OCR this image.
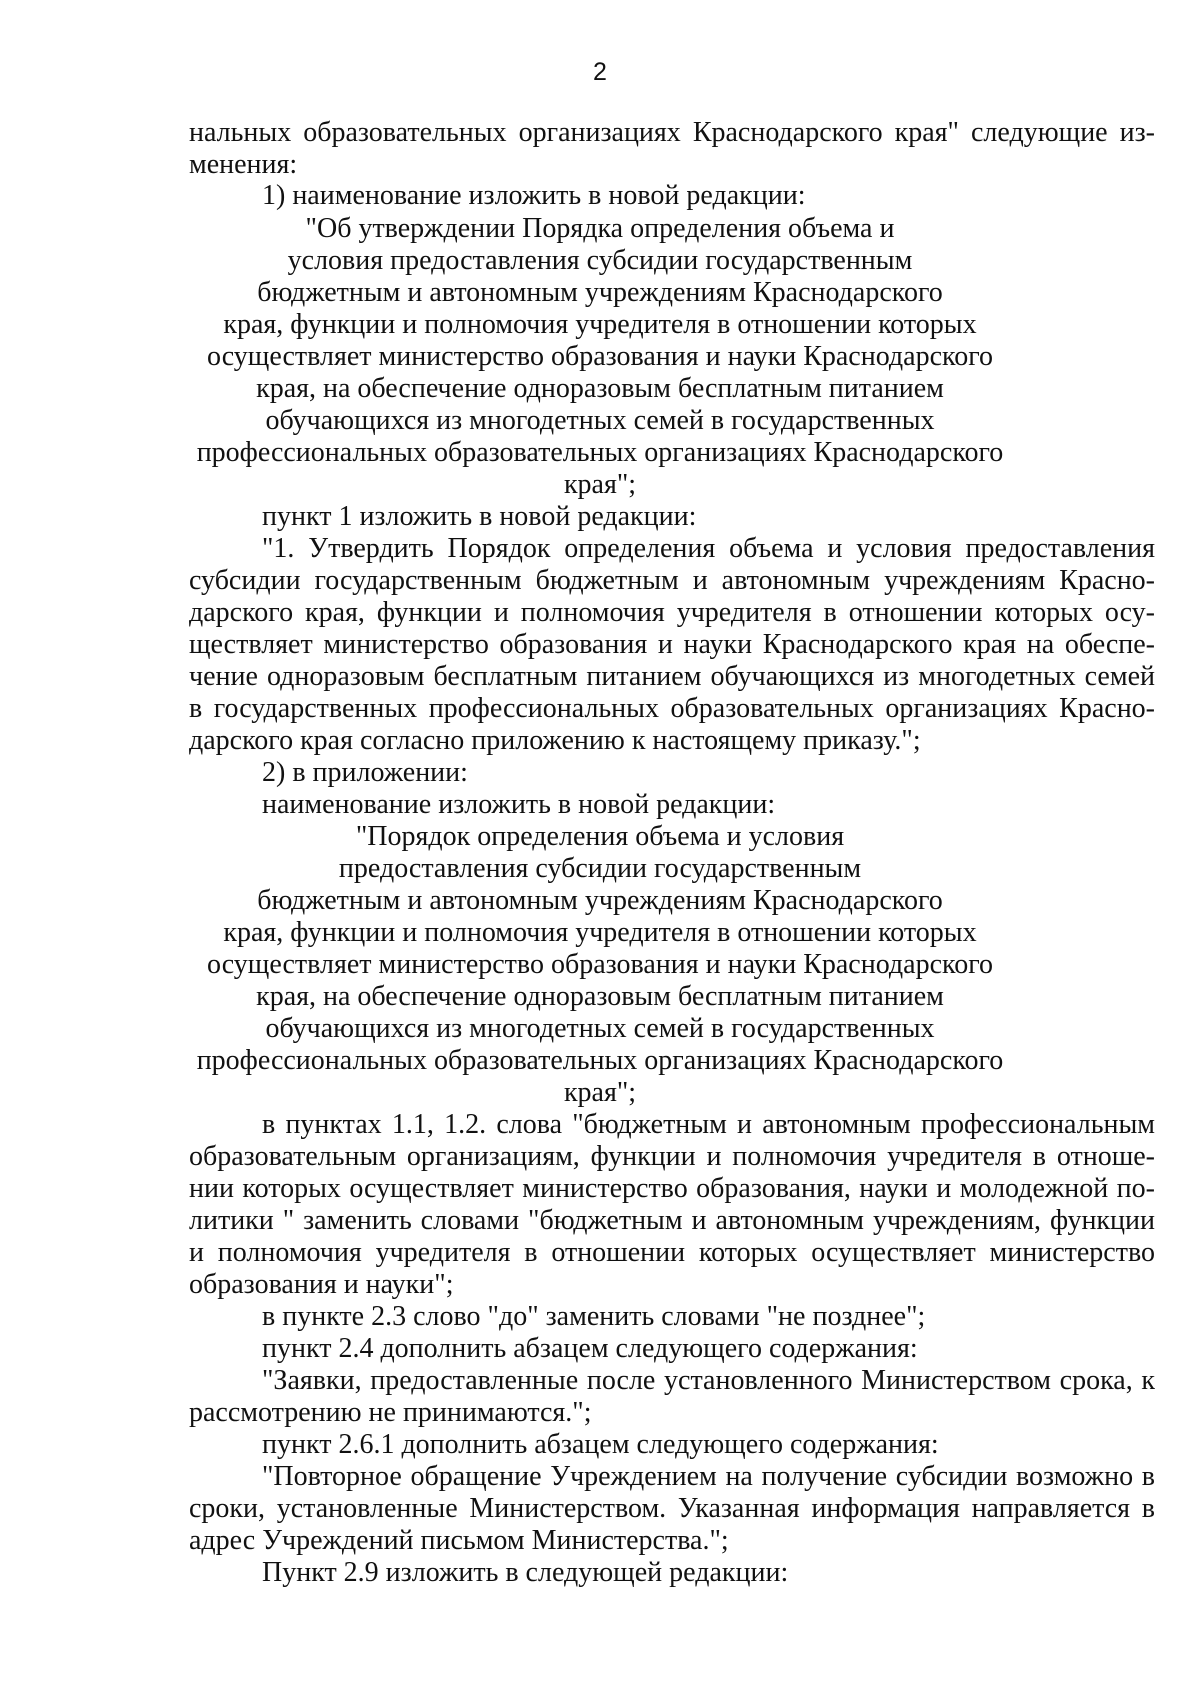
2

нальных образовательных организациях Краснодарского края" следующие из-

менения:

1) наименование изложить в новой редакции:

"Об утверждении Порядка определения объема и

условия предоставления субсидии государственным

бюджетным и автономным учреждениям Краснодарского

края, функции и полномочия учредителя в отношении которых

осуществляет министерство образования и науки Краснодарского

края, на обеспечение одноразовым бесплатным питанием

обучающихся из многодетных семей в государственных

профессиональных образовательных организациях Краснодарского

края";

пункт 1 изложить в новой редакции:

"1. Утвердить Порядок определения объема и условия предоставления

субсидии государственным бюджетным и автономным учреждениям Красно-

дарского края, функции и полномочия учредителя в отношении которых осу-

ществляет министерство образования и науки Краснодарского края на обеспе-

чение одноразовым бесплатным питанием обучающихся из многодетных семей

в государственных профессиональных образовательных организациях Красно-

дарского края согласно приложению к настоящему приказу.";

2) в приложении:

наименование изложить в новой редакции:

"Порядок определения объема и условия

предоставления субсидии государственным

бюджетным и автономным учреждениям Краснодарского

края, функции и полномочия учредителя в отношении которых

осуществляет министерство образования и науки Краснодарского

края, на обеспечение одноразовым бесплатным питанием

обучающихся из многодетных семей в государственных

профессиональных образовательных организациях Краснодарского

края";

в пунктах 1.1, 1.2. слова "бюджетным и автономным профессиональным

образовательным организациям, функции и полномочия учредителя в отноше-

нии которых осуществляет министерство образования, науки и молодежной по-

литики " заменить словами "бюджетным и автономным учреждениям, функции

и полномочия учредителя в отношении которых осуществляет министерство

образования и науки";

в пункте 2.3 слово "до" заменить словами "не позднее";

пункт 2.4 дополнить абзацем следующего содержания:

"Заявки, предоставленные после установленного Министерством срока, к

рассмотрению не принимаются.";

пункт 2.6.1 дополнить абзацем следующего содержания:

"Повторное обращение Учреждением на получение субсидии возможно в

сроки, установленные Министерством. Указанная информация направляется в

адрес Учреждений письмом Министерства.";

Пункт 2.9 изложить в следующей редакции:
